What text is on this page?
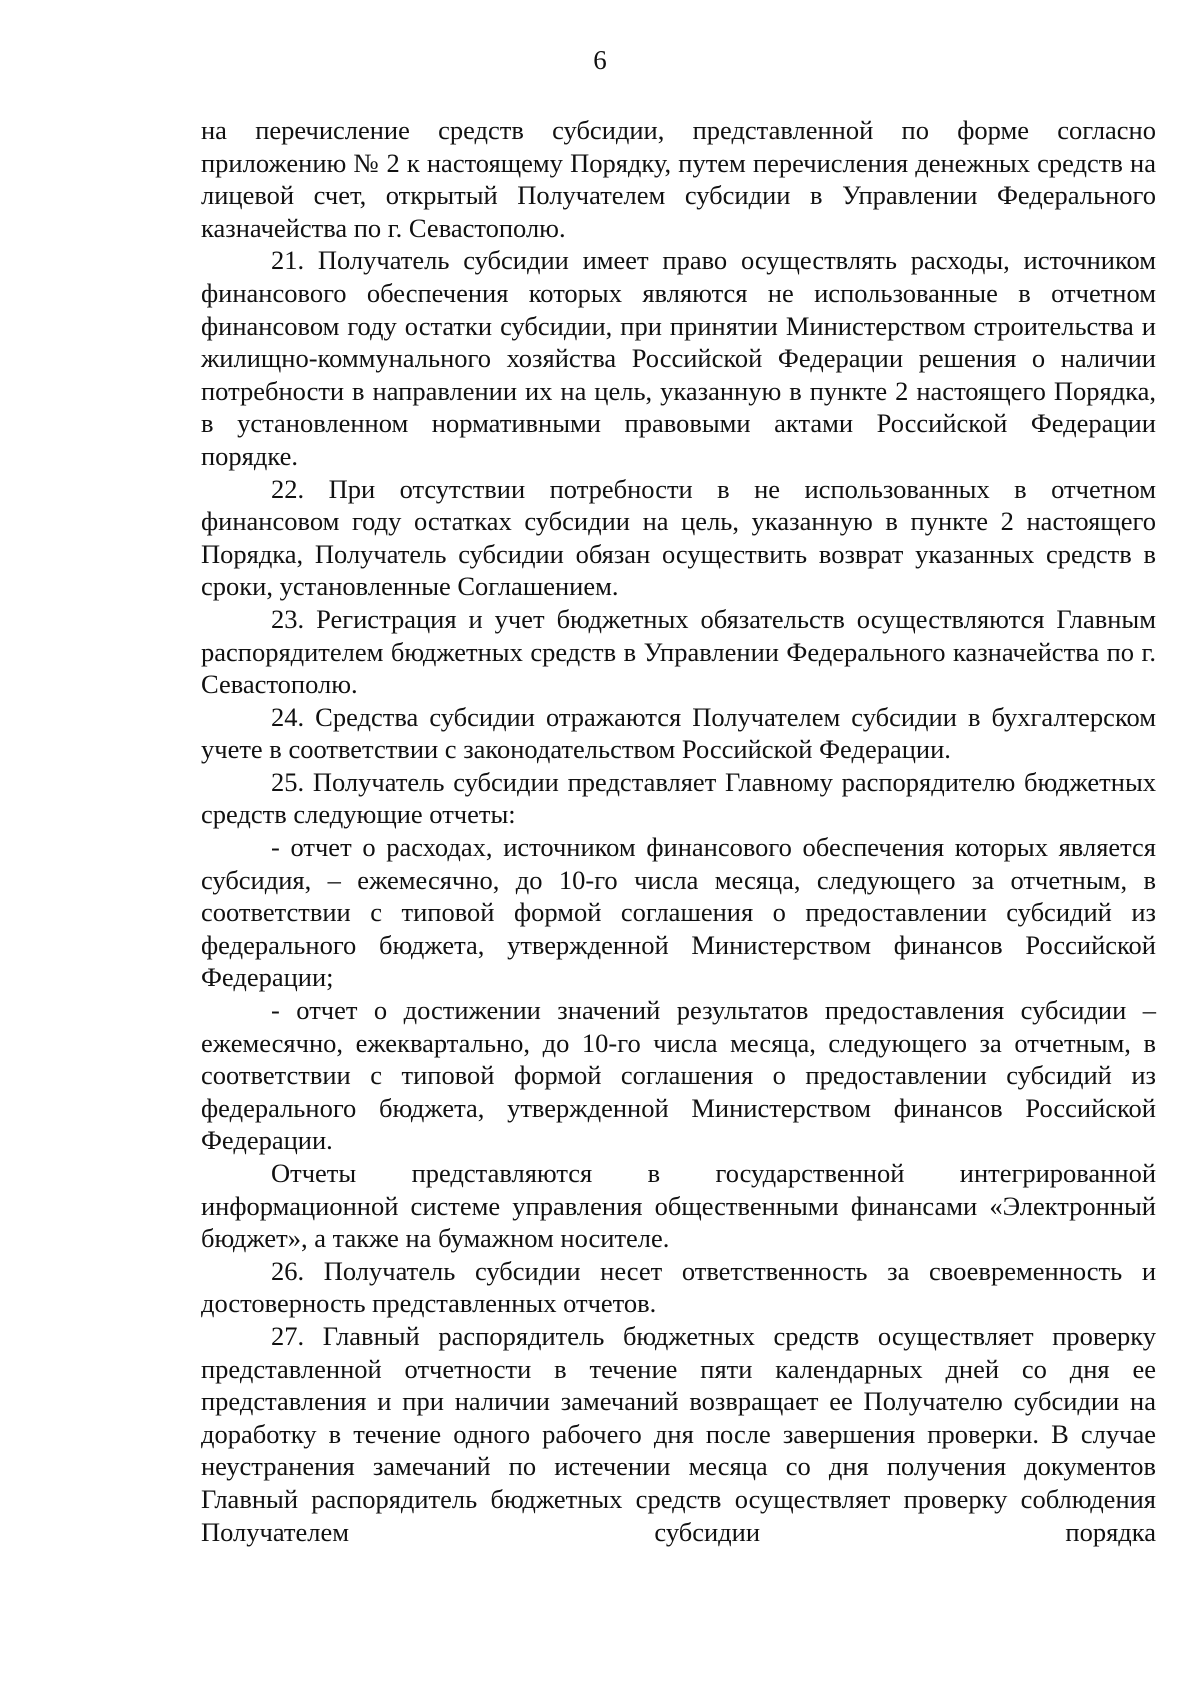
6

на перечисление средств субсидии, представленной по форме согласно приложению № 2 к настоящему Порядку, путем перечисления денежных средств на лицевой счет, открытый Получателем субсидии в Управлении Федерального казначейства по г. Севастополю.

21. Получатель субсидии имеет право осуществлять расходы, источником финансового обеспечения которых являются не использованные в отчетном финансовом году остатки субсидии, при принятии Министерством строительства и жилищно-коммунального хозяйства Российской Федерации решения о наличии потребности в направлении их на цель, указанную в пункте 2 настоящего Порядка, в установленном нормативными правовыми актами Российской Федерации порядке.

22. При отсутствии потребности в не использованных в отчетном финансовом году остатках субсидии на цель, указанную в пункте 2 настоящего Порядка, Получатель субсидии обязан осуществить возврат указанных средств в сроки, установленные Соглашением.

23. Регистрация и учет бюджетных обязательств осуществляются Главным распорядителем бюджетных средств в Управлении Федерального казначейства по г. Севастополю.

24. Средства субсидии отражаются Получателем субсидии в бухгалтерском учете в соответствии с законодательством Российской Федерации.

25. Получатель субсидии представляет Главному распорядителю бюджетных средств следующие отчеты:

- отчет о расходах, источником финансового обеспечения которых является субсидия, – ежемесячно, до 10-го числа месяца, следующего за отчетным, в соответствии с типовой формой соглашения о предоставлении субсидий из федерального бюджета, утвержденной Министерством финансов Российской Федерации;

- отчет о достижении значений результатов предоставления субсидии – ежемесячно, ежеквартально, до 10-го числа месяца, следующего за отчетным, в соответствии с типовой формой соглашения о предоставлении субсидий из федерального бюджета, утвержденной Министерством финансов Российской Федерации.

Отчеты представляются в государственной интегрированной информационной системе управления общественными финансами «Электронный бюджет», а также на бумажном носителе.

26. Получатель субсидии несет ответственность за своевременность и достоверность представленных отчетов.

27. Главный распорядитель бюджетных средств осуществляет проверку представленной отчетности в течение пяти календарных дней со дня ее представления и при наличии замечаний возвращает ее Получателю субсидии на доработку в течение одного рабочего дня после завершения проверки. В случае неустранения замечаний по истечении месяца со дня получения документов Главный распорядитель бюджетных средств осуществляет проверку соблюдения Получателем субсидии порядка
